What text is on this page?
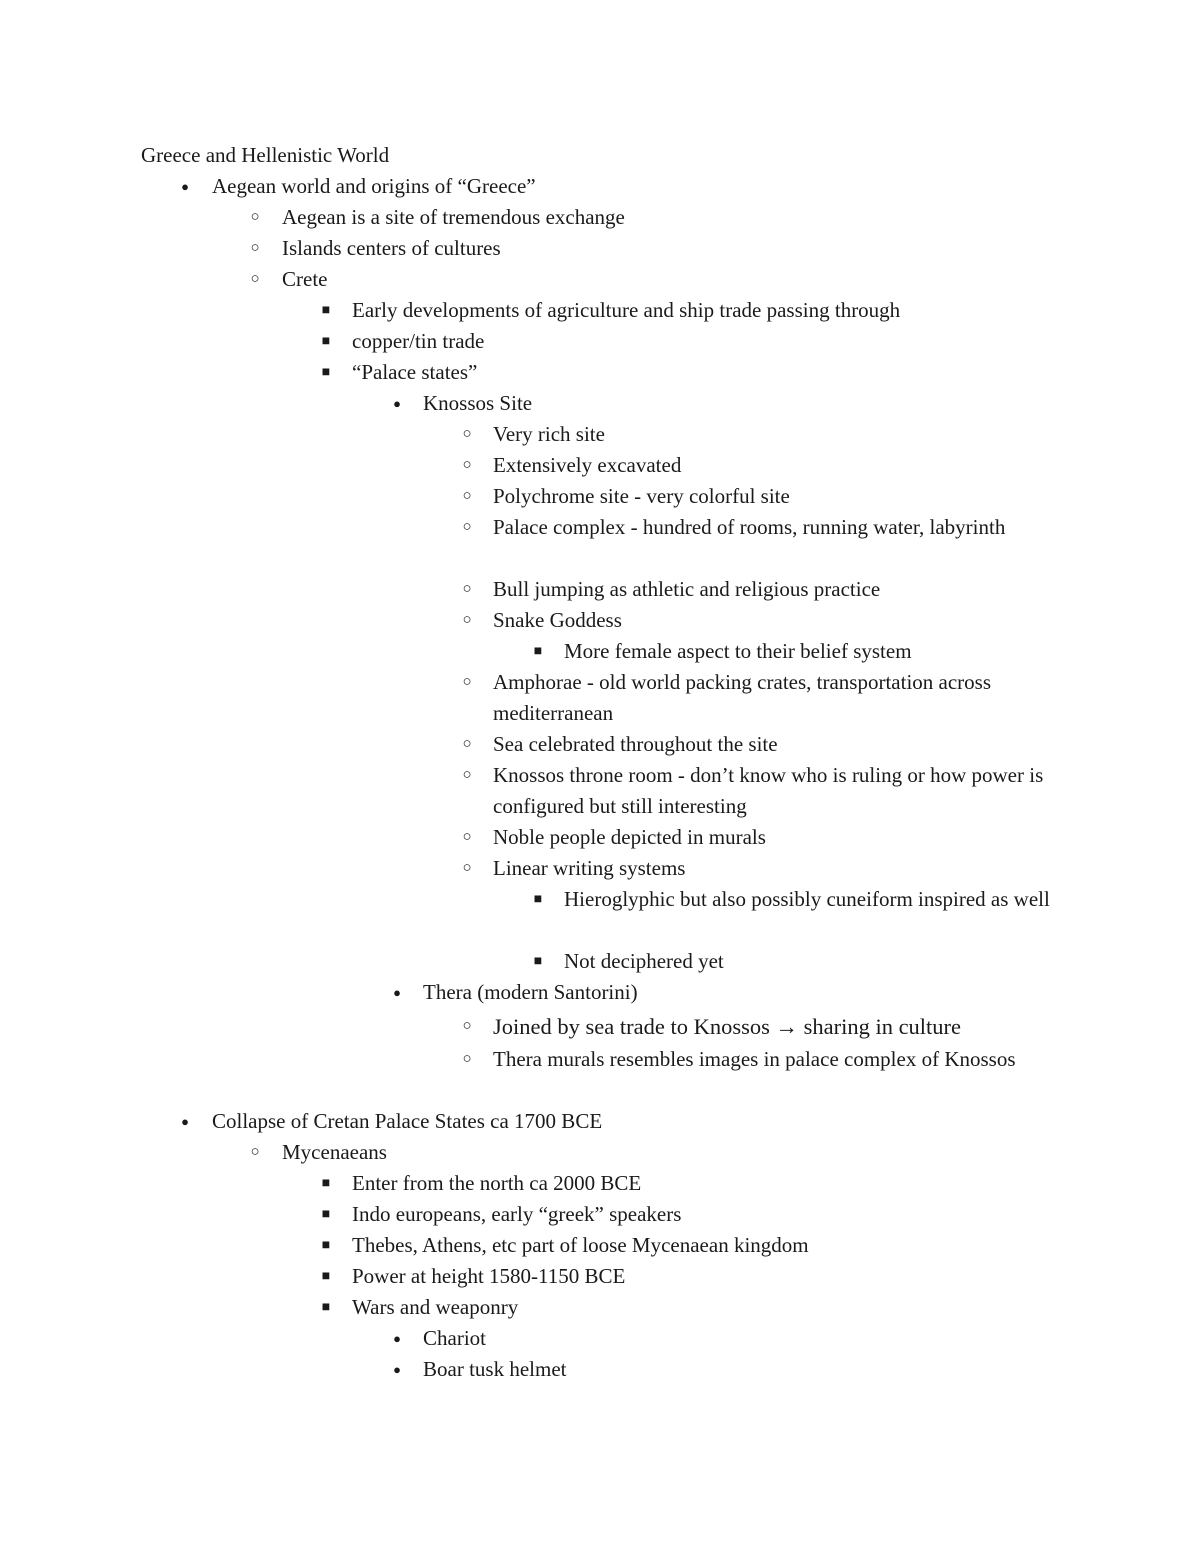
Greece and Hellenistic World
●
Aegean world and origins of “Greece”
○
Aegean is a site of tremendous exchange
○
Islands centers of cultures
○
Crete
■
Early developments of agriculture and ship trade passing through
■
copper/tin trade
■
“Palace states”
●
Knossos Site
○
Very rich site
○
Extensively excavated
○
Polychrome site - very colorful site
○
Palace complex - hundred of rooms, running water, labyrinth
○
Bull jumping as athletic and religious practice
○
Snake Goddess
■
More female aspect to their belief system
○
Amphorae - old world packing crates, transportation across mediterranean
○
Sea celebrated throughout the site
○
Knossos throne room - don’t know who is ruling or how power is configured but still interesting
○
Noble people depicted in murals
○
Linear writing systems
■
Hieroglyphic but also possibly cuneiform inspired as well
■
Not deciphered yet
●
Thera (modern Santorini)
○
Joined by sea trade to Knossos → sharing in culture
○
Thera murals resembles images in palace complex of Knossos
●
Collapse of Cretan Palace States ca 1700 BCE
○
Mycenaeans
■
Enter from the north ca 2000 BCE
■
Indo europeans, early “greek” speakers
■
Thebes, Athens, etc part of loose Mycenaean kingdom
■
Power at height 1580-1150 BCE
■
Wars and weaponry
●
Chariot
●
Boar tusk helmet
